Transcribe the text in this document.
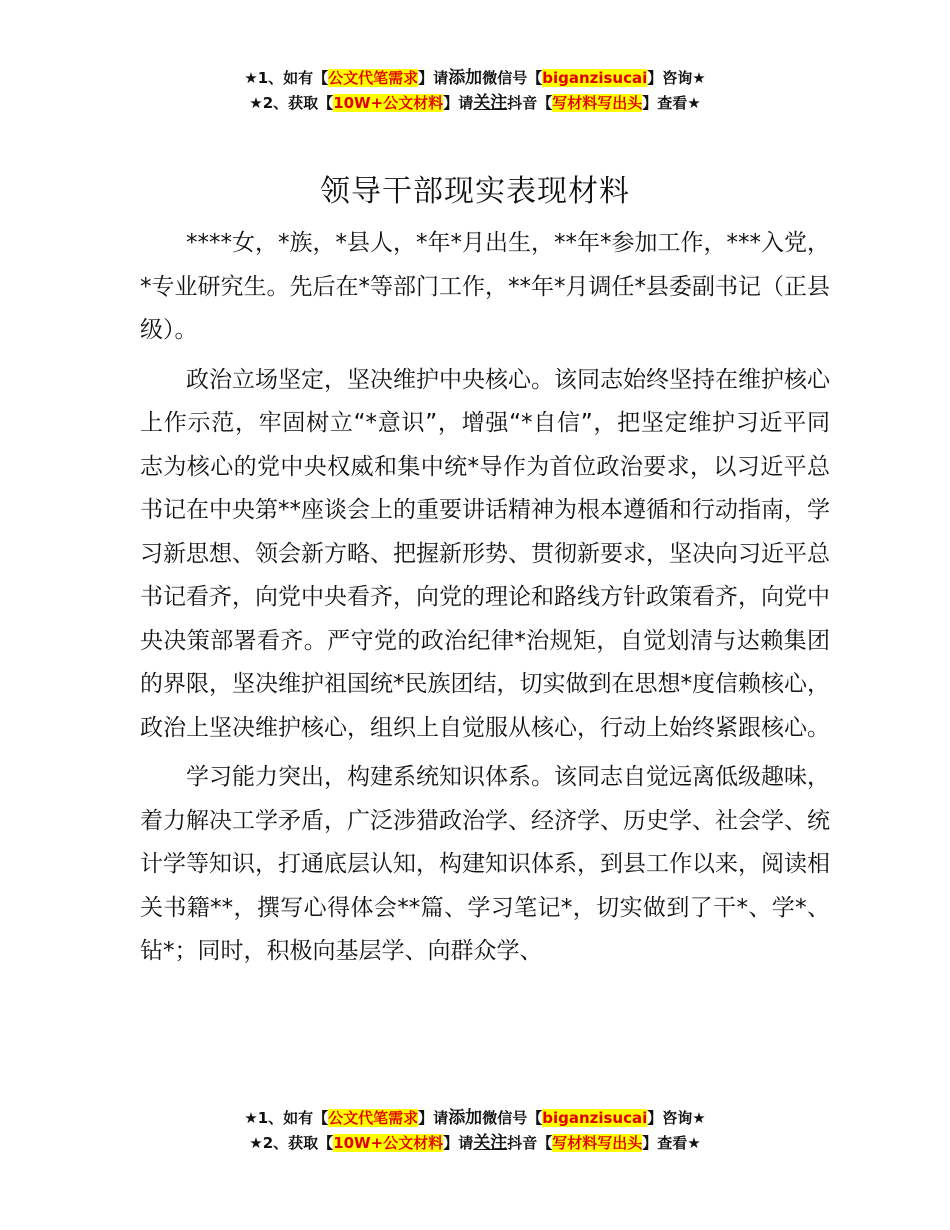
★1、如有【公文代笔需求】请添加微信号【biganzisucai】咨询★
★2、获取【10W+公文材料】请关注抖音【写材料写出头】查看★
领导干部现实表现材料

****女，*族，*县人，*年*月出生，**年*参加工作，***入党，*专业研究生。先后在*等部门工作，**年*月调任*县委副书记（正县级）。

政治立场坚定，坚决维护中央核心。该同志始终坚持在维护核心上作示范，牢固树立“*意识”，增强“*自信”，把坚定维护习近平同志为核心的党中央权威和集中统*导作为首位政治要求，以习近平总书记在中央第**座谈会上的重要讲话精神为根本遵循和行动指南，学习新思想、领会新方略、把握新形势、贯彻新要求，坚决向习近平总书记看齐，向党中央看齐，向党的理论和路线方针政策看齐，向党中央决策部署看齐。严守党的政治纪律*治规矩，自觉划清与达赖集团的界限，坚决维护祖国统*民族团结，切实做到在思想*度信赖核心，政治上坚决维护核心，组织上自觉服从核心，行动上始终紧跟核心。

学习能力突出，构建系统知识体系。该同志自觉远离低级趣味，着力解决工学矛盾，广泛涉猎政治学、经济学、历史学、社会学、统计学等知识，打通底层认知，构建知识体系，到县工作以来，阅读相关书籍**，撰写心得体会**篇、学习笔记*，切实做到了干*、学*、钻*；同时，积极向基层学、向群众学、

★1、如有【公文代笔需求】请添加微信号【biganzisucai】咨询★
★2、获取【10W+公文材料】请关注抖音【写材料写出头】查看★
